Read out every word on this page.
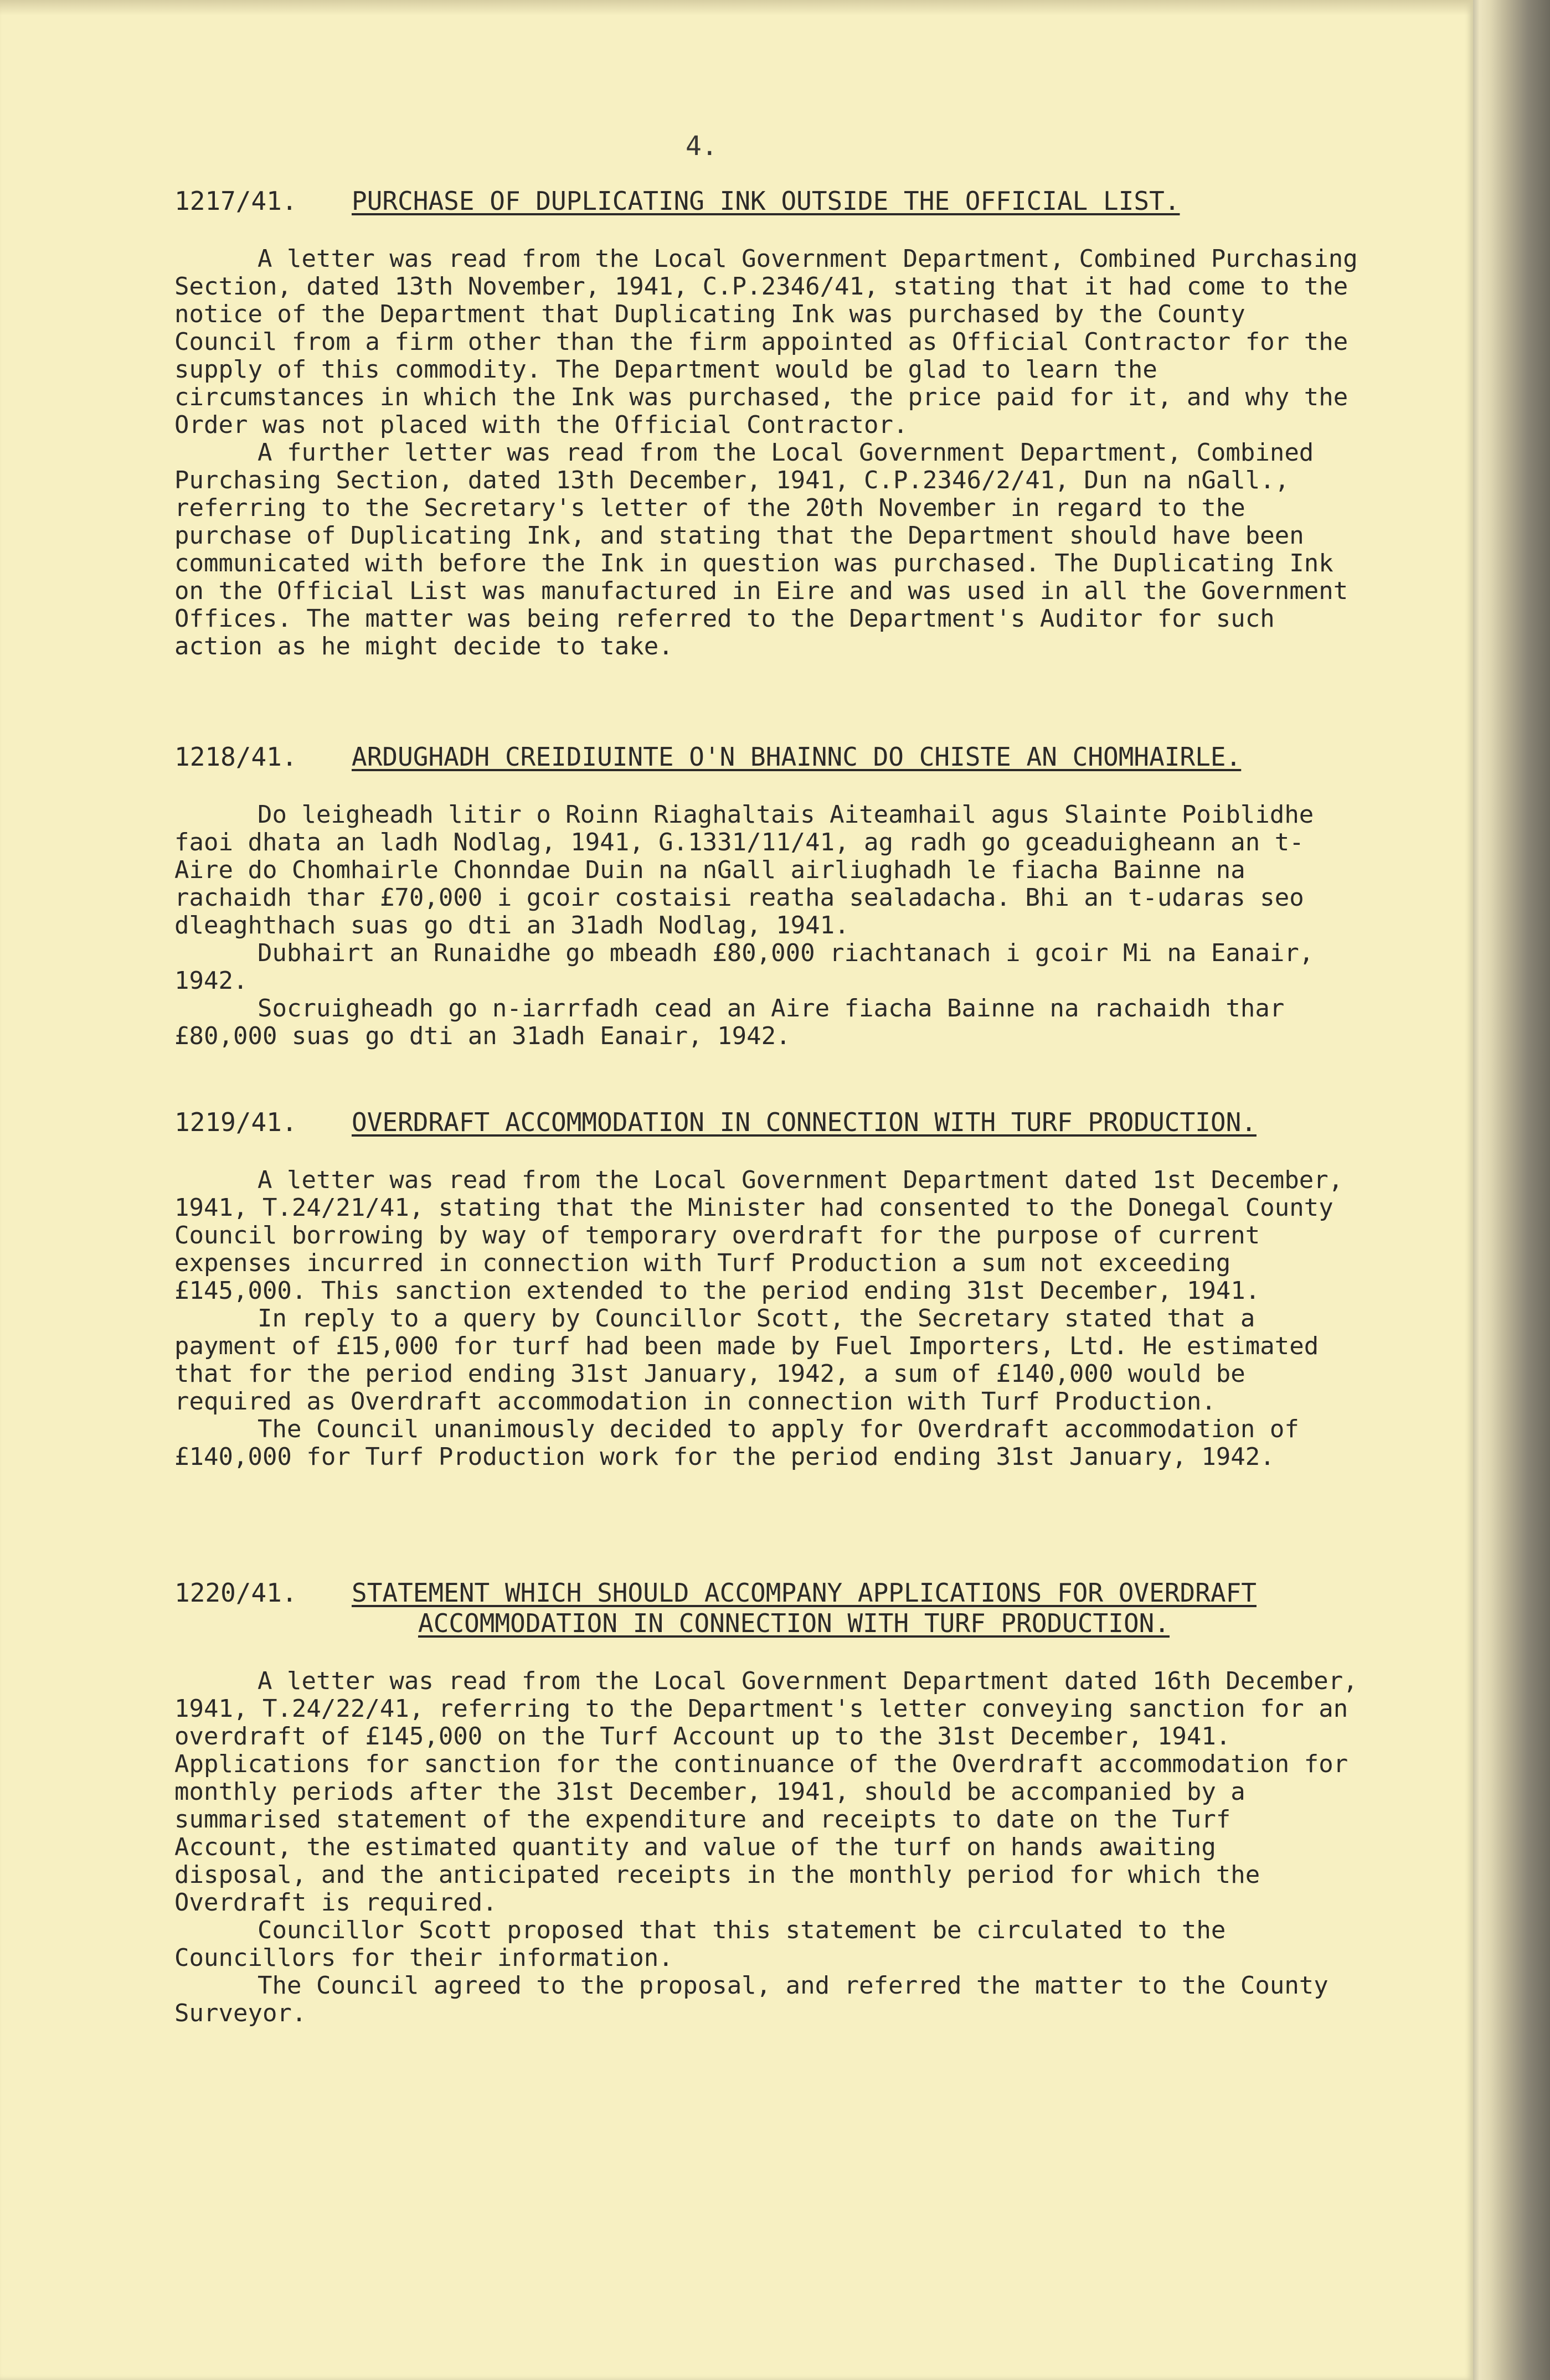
4.
1217/41.	PURCHASE OF DUPLICATING INK OUTSIDE THE OFFICIAL LIST.

A letter was read from the Local Government Department, Combined Purchasing Section, dated 13th November, 1941, C.P.2346/41, stating that it had come to the notice of the Department that Duplicating Ink was purchased by the County Council from a firm other than the firm appointed as Official Contractor for the supply of this commodity. The Department would be glad to learn the circumstances in which the Ink was purchased, the price paid for it, and why the Order was not placed with the Official Contractor.

A further letter was read from the Local Government Department, Combined Purchasing Section, dated 13th December, 1941, C.P.2346/2/41, Dun na nGall., referring to the Secretary's letter of the 20th November in regard to the purchase of Duplicating Ink, and stating that the Department should have been communicated with before the Ink in question was purchased. The Duplicating Ink on the Official List was manufactured in Eire and was used in all the Government Offices. The matter was being referred to the Department's Auditor for such action as he might decide to take.

1218/41.	ARDUGHADH CREIDIUINTE O'N BHAINNC DO CHISTE AN CHOMHAIRLE.

Do leigheadh litir o Roinn Riaghaltais Aiteamhail agus Slainte Poiblidhe faoi dhata an ladh Nodlag, 1941, G.1331/11/41, ag radh go gceaduigheann an t-Aire do Chomhairle Chonndae Duin na nGall airliughadh le fiacha Bainne na rachaidh thar £70,000 i gcoir costaisi reatha sealadacha. Bhi an t-udaras seo dleaghthach suas go dti an 31adh Nodlag, 1941.

Dubhairt an Runaidhe go mbeadh £80,000 riachtanach i gcoir Mi na Eanair, 1942.

Socruigheadh go n-iarrfadh cead an Aire fiacha Bainne na rachaidh thar £80,000 suas go dti an 31adh Eanair, 1942.

1219/41.	OVERDRAFT ACCOMMODATION IN CONNECTION WITH TURF PRODUCTION.

A letter was read from the Local Government Department dated 1st December, 1941, T.24/21/41, stating that the Minister had consented to the Donegal County Council borrowing by way of temporary overdraft for the purpose of current expenses incurred in connection with Turf Production a sum not exceeding £145,000. This sanction extended to the period ending 31st December, 1941.

In reply to a query by Councillor Scott, the Secretary stated that a payment of £15,000 for turf had been made by Fuel Importers, Ltd. He estimated that for the period ending 31st January, 1942, a sum of £140,000 would be required as Overdraft accommodation in connection with Turf Production.

The Council unanimously decided to apply for Overdraft accommodation of £140,000 for Turf Production work for the period ending 31st January, 1942.

1220/41.	STATEMENT WHICH SHOULD ACCOMPANY APPLICATIONS FOR OVERDRAFT
ACCOMMODATION IN CONNECTION WITH TURF PRODUCTION.

A letter was read from the Local Government Department dated 16th December, 1941, T.24/22/41, referring to the Department's letter conveying sanction for an overdraft of £145,000 on the Turf Account up to the 31st December, 1941. Applications for sanction for the continuance of the Overdraft accommodation for monthly periods after the 31st December, 1941, should be accompanied by a summarised statement of the expenditure and receipts to date on the Turf Account, the estimated quantity and value of the turf on hands awaiting disposal, and the anticipated receipts in the monthly period for which the Overdraft is required.

Councillor Scott proposed that this statement be circulated to the Councillors for their information.

The Council agreed to the proposal, and referred the matter to the County Surveyor.
